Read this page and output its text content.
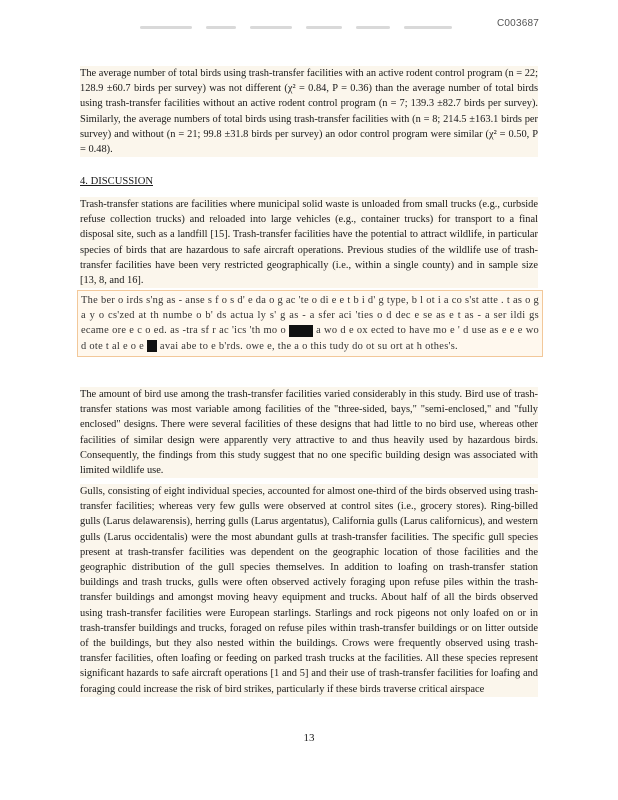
C003687

The average number of total birds using trash-transfer facilities with an active rodent control program (n = 22; 128.9 ±60.7 birds per survey) was not different (χ² = 0.84, P = 0.36) than the average number of total birds using trash-transfer facilities without an active rodent control program (n = 7; 139.3 ±82.7 birds per survey). Similarly, the average numbers of total birds using trash-transfer facilities with (n = 8; 214.5 ±163.1 birds per survey) and without (n = 21; 99.8 ±31.8 birds per survey) an odor control program were similar (χ² = 0.50, P = 0.48).

4. DISCUSSION

Trash-transfer stations are facilities where municipal solid waste is unloaded from small trucks (e.g., curbside refuse collection trucks) and reloaded into large vehicles (e.g., container trucks) for transport to a final disposal site, such as a landfill [15]. Trash-transfer facilities have the potential to attract wildlife, in particular species of birds that are hazardous to safe aircraft operations. Previous studies of the wildlife use of trash-transfer facilities have been very restricted geographically (i.e., within a single county) and in sample size [13, 8, and 16].

The ber o irds s'ng as - anse s f o s d' e da o g ac 'te o di e e t b i d' g type, b l ot i a co s'st atte . t as o g a y o cs'zed at th numbe o b' ds actua ly s' g as - a sfer aci 'ties o d dec e se as e t as - a ser ildi gs ecame ore e c o ed. as -tra sf r ac 'ics 'th mo o	a wo d e ox ected to have mo e ' d use as e e e wo d ote t al e o e avai abe to e b'rds. owe e, the a o this tudy do ot su ort at h othes's.

The amount of bird use among the trash-transfer facilities varied considerably in this study. Bird use of trash-transfer stations was most variable among facilities of the "three-sided, bays," "semi-enclosed," and "fully enclosed" designs. There were several facilities of these designs that had little to no bird use, whereas other facilities of similar design were apparently very attractive to and thus heavily used by hazardous birds. Consequently, the findings from this study suggest that no one specific building design was associated with limited wildlife use.

Gulls, consisting of eight individual species, accounted for almost one-third of the birds observed using trash-transfer facilities; whereas very few gulls were observed at control sites (i.e., grocery stores). Ring-billed gulls (Larus delawarensis), herring gulls (Larus argentatus), California gulls (Larus californicus), and western gulls (Larus occidentalis) were the most abundant gulls at trash-transfer facilities. The specific gull species present at trash-transfer facilities was dependent on the geographic location of those facilities and the geographic distribution of the gull species themselves. In addition to loafing on trash-transfer station buildings and trash trucks, gulls were often observed actively foraging upon refuse piles within the trash-transfer buildings and amongst moving heavy equipment and trucks. About half of all the birds observed using trash-transfer facilities were European starlings. Starlings and rock pigeons not only loafed on or in trash-transfer buildings and trucks, foraged on refuse piles within trash-transfer buildings or on litter outside of the buildings, but they also nested within the buildings. Crows were frequently observed using trash-transfer facilities, often loafing or feeding on parked trash trucks at the facilities. All these species represent significant hazards to safe aircraft operations [1 and 5] and their use of trash-transfer facilities for loafing and foraging could increase the risk of bird strikes, particularly if these birds traverse critical airspace

13
